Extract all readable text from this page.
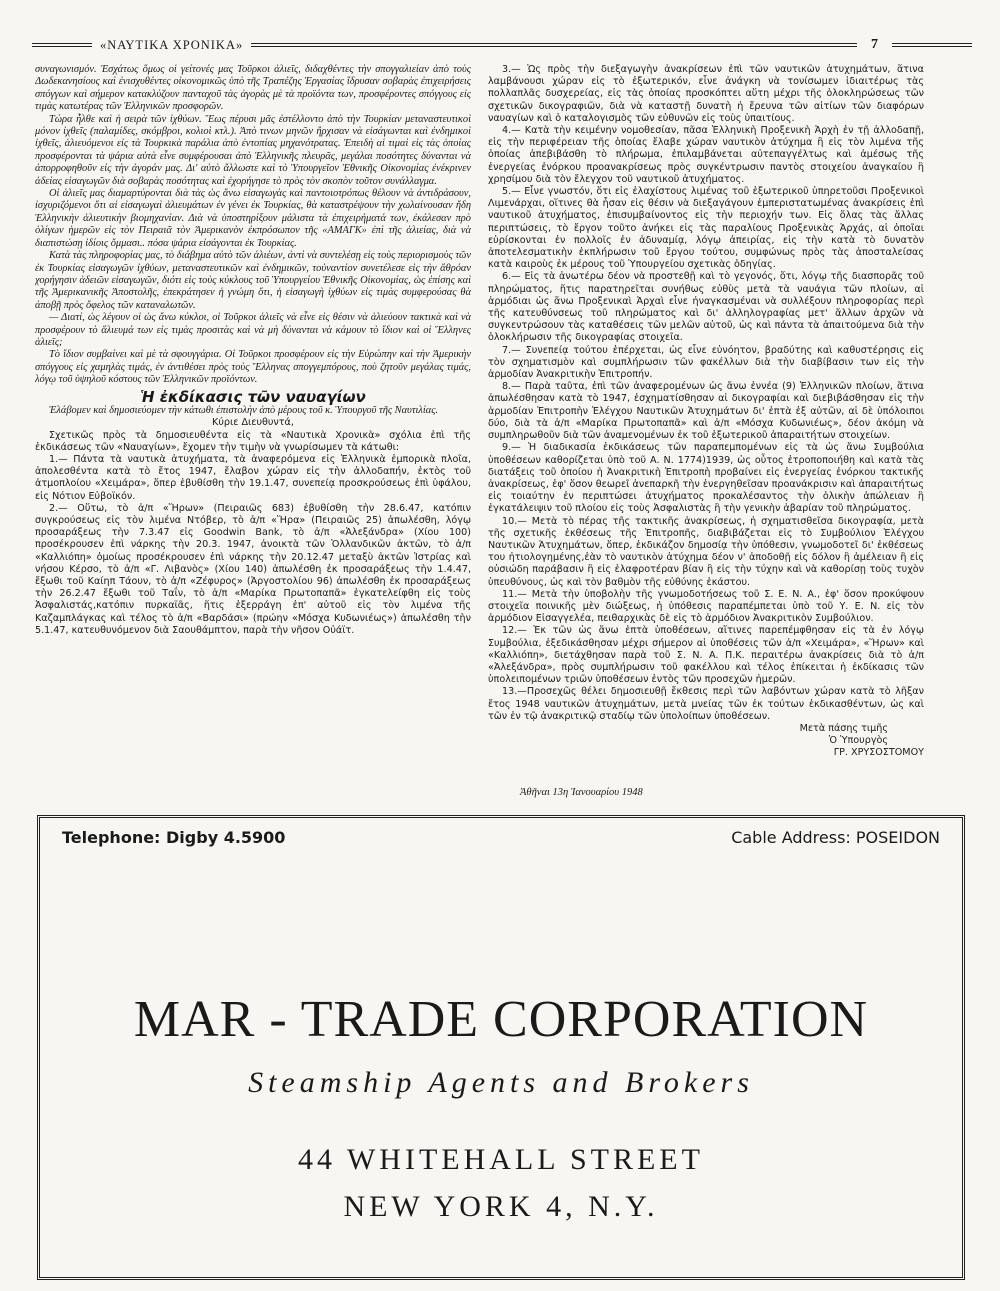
«ΝΑΥΤΙΚΑ ΧΡΟΝΙΚΑ»	7

συναγωνισμόν. Ἐσχάτως ὅμως οἱ γείτονές μας Τοῦρκοι ἁλιεῖς, διδαχθέντες τὴν σπογγαλιείαν ἀπὸ τοὺς Δωδεκανησίους καὶ ἐνισχυθέντες οἰκονομικῶς ὑπὸ τῆς Τραπέζης Ἐργασίας ἵδρυσαν σοβαρὰς ἐπιχειρήσεις σπόγγων καὶ σήμερον κατακλύζουν πανταχοῦ τὰς ἀγορὰς μὲ τὰ προϊόντα των, προσφέροντες σπόγγους εἰς τιμὰς κατωτέρας τῶν Ἑλληνικῶν προσφορῶν.

Τώρα ἦλθε καὶ ἡ σειρὰ τῶν ἰχθύων. Ἕως πέρυσι μᾶς ἐστέλλοντο ἀπὸ τὴν Τουρκίαν μεταναστευτικοὶ μόνον ἰχθεῖς (παλαμίδες, σκόμβροι, κολιοὶ κτλ.). Ἀπὸ τινων μηνῶν ἤρχισαν νὰ εἰσάγωνται καὶ ἐνδημικοὶ ἰχθεῖς, ἁλιευόμενοι εἰς τὰ Τουρκικὰ παράλια ἀπὸ ἐντοπίας μηχανότρατας. Ἐπειδὴ αἱ τιμαὶ εἰς τὰς ὁποίας προσφέρονται τὰ ψάρια αὐτὰ εἶνε συμφέρουσαι ἀπὸ Ἑλληνικῆς πλευρᾶς, μεγάλαι ποσότητες δύνανται νὰ ἀπορροφηθοῦν εἰς τὴν ἀγοράν μας. Δι' αὐτὸ ἄλλωστε καὶ τὸ Ὑπουργεῖον Ἐθνικῆς Οἰκονομίας ἐνέκρινεν ἀδείας εἰσαγωγῶν διὰ σοβαρὰς ποσότητας καὶ ἐχορήγησε τὸ πρὸς τὸν σκοπὸν τοῦτον συνάλλαγμα.

Οἱ ἁλιεῖς μας διαμαρτύρονται διὰ τὰς ὡς ἄνω εἰσαγωγὰς καὶ παντοιοτρόπως θέλουν νὰ ἀντιδράσουν, ἰσχυριζόμενοι ὅτι αἱ εἰσαγωγαὶ ἁλιευμάτων ἐν γένει ἐκ Τουρκίας, θὰ καταστρέψουν τὴν χωλαίνουσαν ἤδη Ἑλληνικὴν ἁλιευτικὴν βιομηχανίαν. Διὰ νὰ ὑποστηρίξουν μάλιστα τὰ ἐπιχειρήματά των, ἐκάλεσαν πρὸ ὀλίγων ἡμερῶν εἰς τὸν Πειραιᾶ τὸν Ἀμερικανὸν ἐκπρόσωπον τῆς «ΑΜΑΓΚ» ἐπὶ τῆς ἁλιείας, διὰ νὰ διαπιστώσῃ ἰδίοις ὄμμασι.. πόσα ψάρια εἰσάγονται ἐκ Τουρκίας.

Κατὰ τὰς πληροφορίας μας, τὸ διάβημα αὐτὸ τῶν ἁλιέων, ἀντὶ νὰ συντελέσῃ εἰς τοὺς περιορισμοὺς τῶν ἐκ Τουρκίας εἰσαγωγῶν ἰχθύων, μεταναστευτικῶν καὶ ἐνδημικῶν, τοὐναντίον συνετέλεσε εἰς τὴν ἄθρόαν χορήγησιν ἀδειῶν εἰσαγωγῶν, διότι εἰς τοὺς κύκλους τοῦ Ὑπουργείου Ἐθνικῆς Οἰκονομίας, ὡς ἐπίσης καὶ τῆς Ἀμερικανικῆς Ἀποστολῆς, ἐπεκράτησεν ἡ γνώμη ὅτι, ἡ εἰσαγωγὴ ἰχθύων εἰς τιμὰς συμφερούσας θὰ ἀποβῇ πρὸς ὄφελος τῶν καταναλωτῶν.

— Διατί, ὡς λέγουν οἱ ὡς ἄνω κύκλοι, οἱ Τοῦρκοι ἁλιεῖς νὰ εἶνε εἰς θέσιν νὰ ἁλιεύουν τακτικὰ καὶ νὰ προσφέρουν τὸ ἅλιευμά των εἰς τιμὰς προσιτὰς καὶ νὰ μὴ δύνανται νὰ κάμουν τὸ ἴδιον καὶ οἱ Ἕλληνες ἁλιεῖς;

Τὸ ἴδιον συμβαίνει καὶ μὲ τὰ σφουγγάρια. Οἱ Τοῦρκοι προσφέρουν εἰς τὴν Εὐρώπην καὶ τὴν Ἀμερικὴν σπόγγους εἰς χαμηλὰς τιμάς, ἐν ἀντιθέσει πρὸς τοὺς Ἕλληνας σπογγεμπόρους, ποὺ ζητοῦν μεγάλας τιμάς, λόγῳ τοῦ ὑψηλοῦ κόστους τῶν Ἑλληνικῶν προϊόντων.

Ἡ ἐκδίκασις τῶν ναυαγίων

Ἐλάβομεν καὶ δημοσιεύομεν τὴν κάτωθι ἐπιστολὴν ἀπὸ μέρους τοῦ κ. Ὑπουργοῦ τῆς Ναυτιλίας.

Κύριε Διευθυντά,

Σχετικῶς πρὸς τὰ δημοσιευθέντα εἰς τὰ «Ναυτικὰ Χρονικὰ» σχόλια ἐπὶ τῆς ἐκδικάσεως τῶν «Ναυαγίων», ἔχομεν τὴν τιμὴν νὰ γνωρίσωμεν τὰ κάτωθι:

1.— Πάντα τὰ ναυτικὰ ἀτυχήματα, τὰ ἀναφερόμενα εἰς Ἑλληνικὰ ἐμπορικὰ πλοῖα, ἀπολεσθέντα κατὰ τὸ ἔτος 1947, ἔλαβον χώραν εἰς τὴν ἀλλοδαπήν, ἐκτὸς τοῦ ἀτμοπλοίου «Χειμάρα», ὅπερ ἐβυθίσθη τὴν 19.1.47, συνεπείᾳ προσκρούσεως ἐπὶ ὑφάλου, εἰς Νότιον Εὐβοϊκόν.

2.— Οὕτω, τὸ ἀ/π «Ἥρων» (Πειραιῶς 683) ἐβυθίσθη τὴν 28.6.47, κατόπιν συγκρούσεως εἰς τὸν λιμένα Ντόβερ, τὸ ἀ/π «Ἥρα» (Πειραιῶς 25) ἀπωλέσθη, λόγῳ προσαράξεως τὴν 7.3.47 εἰς Goodwin Bank, τὸ ἀ/π «Ἀλεξάνδρα» (Χίου 100) προσέκρουσεν ἐπὶ νάρκης τὴν 20.3. 1947, ἀνοικτὰ τῶν Ὁλλανδικῶν ἀκτῶν, τὸ ἀ/π «Καλλιόπη» ὁμοίως προσέκρουσεν ἐπὶ νάρκης τὴν 20.12.47 μεταξὺ ἀκτῶν Ἰστρίας καὶ νήσου Κέρσο, τὸ ἀ/π «Γ. Λιβανὸς» (Χίου 140) ἀπωλέσθη ἐκ προσαράξεως τὴν 1.4.47, ἔξωθι τοῦ Καίηπ Τάουν, τὸ ἀ/π «Ζέφυρος» (Ἀργοστολίου 96) ἀπωλέσθη ἐκ προσαράξεως τὴν 26.2.47 ἔξωθι τοῦ Ταΐν, τὸ ἀ/π «Μαρίκα Πρωτοπαπᾶ» ἐγκατελείφθη εἰς τοὺς Ἀσφαλιστάς,κατόπιν πυρκαϊᾶς, ἥτις ἐξερράγη ἐπ' αὐτοῦ εἰς τὸν λιμένα τῆς Καζαμπλάγκας καὶ τέλος τὸ ἀ/π «Βαρδάσι» (πρώην «Μόσχα Κυδωνιέως») ἀπωλέσθη τὴν 5.1.47, κατευθυνόμενον διὰ Σαουθάμπτον, παρὰ τὴν νῆσον Οὐάϊτ.

3.— Ὡς πρὸς τὴν διεξαγωγὴν ἀνακρίσεων ἐπὶ τῶν ναυτικῶν ἀτυχημάτων, ἅτινα λαμβάνουσι χώραν εἰς τὸ ἐξωτερικόν, εἶνε ἀνάγκη νὰ τονίσωμεν ἰδιαιτέρως τὰς πολλαπλᾶς δυσχερείας, εἰς τὰς ὁποίας προσκόπτει αὕτη μέχρι τῆς ὁλοκληρώσεως τῶν σχετικῶν δικογραφιῶν, διὰ νὰ καταστῇ δυνατὴ ἡ ἔρευνα τῶν αἰτίων τῶν διαφόρων ναυαγίων καὶ ὁ καταλογισμὸς τῶν εὐθυνῶν εἰς τοὺς ὑπαιτίους.

4.— Κατὰ τὴν κειμένην νομοθεσίαν, πᾶσα Ἑλληνικὴ Προξενικὴ Ἀρχὴ ἐν τῇ ἀλλοδαπῇ, εἰς τὴν περιφέρειαν τῆς ὁποίας ἔλαβε χώραν ναυτικὸν ἀτύχημα ἢ εἰς τὸν λιμένα τῆς ὁποίας ἀπεβιβάσθη τὸ πλήρωμα, ἐπιλαμβάνεται αὐτεπαγγέλτως καὶ ἀμέσως τῆς ἐνεργείας ἐνόρκου προανακρίσεως πρὸς συγκέντρωσιν παντὸς στοιχείου ἀναγκαίου ἢ χρησίμου διὰ τὸν ἔλεγχον τοῦ ναυτικοῦ ἀτυχήματος.

5.— Εἶνε γνωστόν, ὅτι εἰς ἐλαχίστους λιμένας τοῦ ἐξωτερικοῦ ὑπηρετοῦσι Προξενικοὶ Λιμενάρχαι, οἵτινες θὰ ἦσαν εἰς θέσιν νὰ διεξαγάγουν ἐμπεριστατωμένας ἀνακρίσεις ἐπὶ ναυτικοῦ ἀτυχήματος, ἐπισυμβαίνοντος εἰς τὴν περιοχήν των. Εἰς ὅλας τὰς ἄλλας περιπτώσεις, τὸ ἔργον τοῦτο ἀνήκει εἰς τὰς παραλίους Προξενικὰς Ἀρχάς, αἱ ὁποῖαι εὑρίσκονται ἐν πολλοῖς ἐν ἀδυναμίᾳ, λόγῳ ἀπειρίας, εἰς τὴν κατὰ τὸ δυνατὸν ἀποτελεσματικὴν ἐκπλήρωσιν τοῦ ἔργου τούτου, συμφώνως πρὸς τὰς ἀποσταλείσας κατὰ καιροὺς ἐκ μέρους τοῦ Ὑπουργείου σχετικὰς ὁδηγίας.

6.— Εἰς τὰ ἀνωτέρω δέον νὰ προστεθῇ καὶ τὸ γεγονός, ὅτι, λόγῳ τῆς διασπορᾶς τοῦ πληρώματος, ἥτις παρατηρεῖται συνήθως εὐθὺς μετὰ τὰ ναυάγια τῶν πλοίων, αἱ ἁρμόδιαι ὡς ἄνω Προξενικαὶ Ἀρχαὶ εἶνε ἠναγκασμέναι νὰ συλλέξουν πληροφορίας περὶ τῆς κατευθύνσεως τοῦ πληρώματος καὶ δι' ἀλληλογραφίας μετ' ἄλλων ἀρχῶν νὰ συγκεντρώσουν τὰς καταθέσεις τῶν μελῶν αὐτοῦ, ὡς καὶ πάντα τὰ ἀπαιτούμενα διὰ τὴν ὁλοκλήρωσιν τῆς δικογραφίας στοιχεῖα.

7.— Συνεπείᾳ τούτου ἐπέρχεται, ὡς εἶνε εὐνόητον, βραδύτης καὶ καθυστέρησις εἰς τὸν σχηματισμὸν καὶ συμπλήρωσιν τῶν φακέλλων διὰ τὴν διαβίβασιν των εἰς τὴν ἁρμοδίαν Ἀνακριτικὴν Ἐπιτροπήν.

8.— Παρὰ ταῦτα, ἐπὶ τῶν ἀναφερομένων ὡς ἄνω ἐννέα (9) Ἑλληνικῶν πλοίων, ἅτινα ἀπωλέσθησαν κατὰ τὸ 1947, ἐσχηματίσθησαν αἱ δικογραφίαι καὶ διεβιβάσθησαν εἰς τὴν ἁρμοδίαν Ἐπιτροπὴν Ἐλέγχου Ναυτικῶν Ἀτυχημάτων δι' ἑπτὰ ἐξ αὐτῶν, αἱ δὲ ὑπόλοιποι δύο, διὰ τὰ ἀ/π «Μαρίκα Πρωτοπαπᾶ» καὶ ἀ/π «Μόσχα Κυδωνιέως», δέον ἀκόμη νὰ συμπληρωθοῦν διὰ τῶν ἀναμενομένων ἐκ τοῦ ἐξωτερικοῦ ἀπαραιτήτων στοιχείων.

9.— Ἡ διαδικασία ἐκδικάσεως τῶν παραπεμπομένων εἰς τὰ ὡς ἄνω Συμβούλια ὑποθέσεων καθορίζεται ὑπὸ τοῦ Α. Ν. 1774)1939, ὡς οὗτος ἐτροποποιήθη καὶ κατὰ τὰς διατάξεις τοῦ ὁποίου ἡ Ἀνακριτικὴ Ἐπιτροπὴ προβαίνει εἰς ἐνεργείας ἐνόρκου τακτικῆς ἀνακρίσεως, ἐφ' ὅσον θεωρεῖ ἀνεπαρκῆ τὴν ἐνεργηθεῖσαν προανάκρισιν καὶ ἀπαραιτήτως εἰς τοιαύτην ἐν περιπτώσει ἀτυχήματος προκαλέσαντος τὴν ὁλικὴν ἀπώλειαν ἢ ἐγκατάλειψιν τοῦ πλοίου εἰς τοὺς Ἀσφαλιστὰς ἢ τὴν γενικὴν ἀβαρίαν τοῦ πληρώματος.

10.— Μετὰ τὸ πέρας τῆς τακτικῆς ἀνακρίσεως, ἡ σχηματισθεῖσα δικογραφία, μετὰ τῆς σχετικῆς ἐκθέσεως τῆς Ἐπιτροπῆς, διαβιβάζεται εἰς τὸ Συμβούλιον Ἐλέγχου Ναυτικῶν Ἀτυχημάτων, ὅπερ, ἐκδικάζον δημοσίᾳ τὴν ὑπόθεσιν, γνωμοδοτεῖ δι' ἐκθέσεως του ἠτιολογημένης,ἐὰν τὸ ναυτικὸν ἀτύχημα δέον ν' ἀποδοθῇ εἰς δόλον ἢ ἀμέλειαν ἢ εἰς οὐσιώδη παράβασιν ἢ εἰς ἐλαφροτέραν βίαν ἢ εἰς τὴν τύχην καὶ νὰ καθορίσῃ τοὺς τυχὸν ὑπευθύνους, ὡς καὶ τὸν βαθμὸν τῆς εὐθύνης ἑκάστου.

11.— Μετὰ τὴν ὑποβολὴν τῆς γνωμοδοτήσεως τοῦ Σ. Ε. Ν. Α., ἐφ' ὅσον προκύψουν στοιχεῖα ποινικῆς μὲν διώξεως, ἡ ὑπόθεσις παραπέμπεται ὑπὸ τοῦ Υ. Ε. Ν. εἰς τὸν ἁρμόδιον Εἰσαγγελέα, πειθαρχικὰς δὲ εἰς τὸ ἁρμόδιον Ἀνακριτικὸν Συμβούλιον.

12.— Ἐκ τῶν ὡς ἄνω ἑπτὰ ὑποθέσεων, αἵτινες παρεπέμφθησαν εἰς τὰ ἐν λόγῳ Συμβούλια, ἐξεδικάσθησαν μέχρι σήμερον αἱ ὑποθέσεις τῶν ἀ/π «Χειμάρα», «Ἥρων» καὶ «Καλλιόπη», διετάχθησαν παρὰ τοῦ Σ. Ν. Α. Π.Κ. περαιτέρω ἀνακρίσεις διὰ τὸ ἀ/π «Ἀλεξάνδρα», πρὸς συμπλήρωσιν τοῦ φακέλλου καὶ τέλος ἐπίκειται ἡ ἐκδίκασις τῶν ὑπολειπομένων τριῶν ὑποθέσεων ἐντὸς τῶν προσεχῶν ἡμερῶν.

13.—Προσεχῶς θέλει δημοσιευθῇ ἔκθεσις περὶ τῶν λαβόντων χώραν κατὰ τὸ λῆξαν ἔτος 1948 ναυτικῶν ἀτυχημάτων, μετὰ μνείας τῶν ἐκ τούτων ἐκδικασθέντων, ὡς καὶ τῶν ἐν τῷ ἀνακριτικῷ σταδίῳ τῶν ὑπολοίπων ὑποθέσεων.

Μετὰ πάσης τιμῆς

Ὁ Ὑπουργὸς

ΓΡ. ΧΡΥΣΟΣΤΟΜΟΥ

Ἀθῆναι 13η Ἰανουαρίου 1948
Telephone: Digby 4.5900	Cable Address: POSEIDON
MAR - TRADE CORPORATION
Steamship Agents and Brokers
44 WHITEHALL STREET
NEW YORK 4, N.Y.
